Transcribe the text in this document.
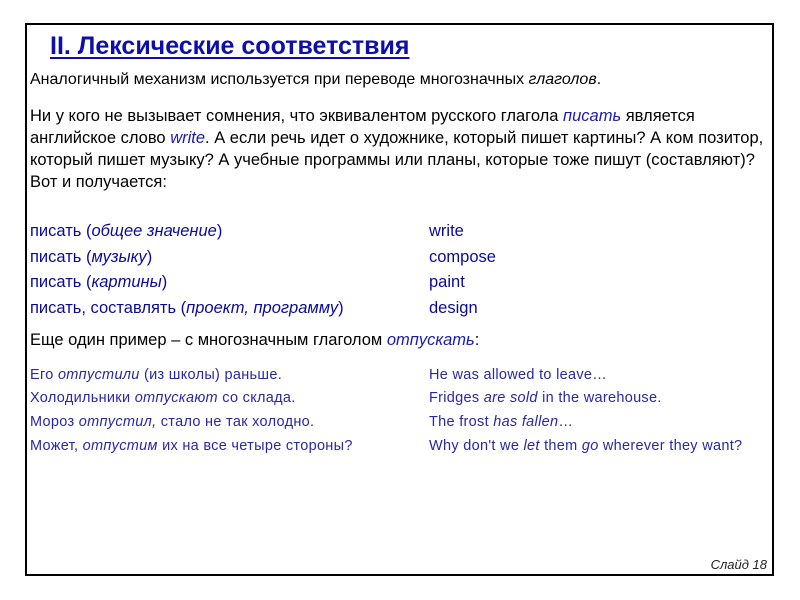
II. Лексические соответствия
Аналогичный механизм используется при переводе многозначных глаголов.
Ни у кого не вызывает сомнения, что эквивалентом русского глагола писать является английское слово write. А если речь идет о художнике, который пишет картины? А ком позитор, который пишет музыку? А учебные программы или планы, которые тоже пишут (составляют)? Вот и получается:
писать (общее значение)	write
писать (музыку)	compose
писать (картины)	paint
писать, составлять (проект, программу)	design
Еще один пример – с многозначным глаголом отпускать:
Его отпустили (из школы) раньше.	He was allowed to leave…
Холодильники отпускают со склада.	Fridges are sold in the warehouse.
Мороз отпустил, стало не так холодно.	The frost has fallen…
Может, отпустим их на все четыре стороны?	Why don't we let them go wherever they want?
Слайд 18
